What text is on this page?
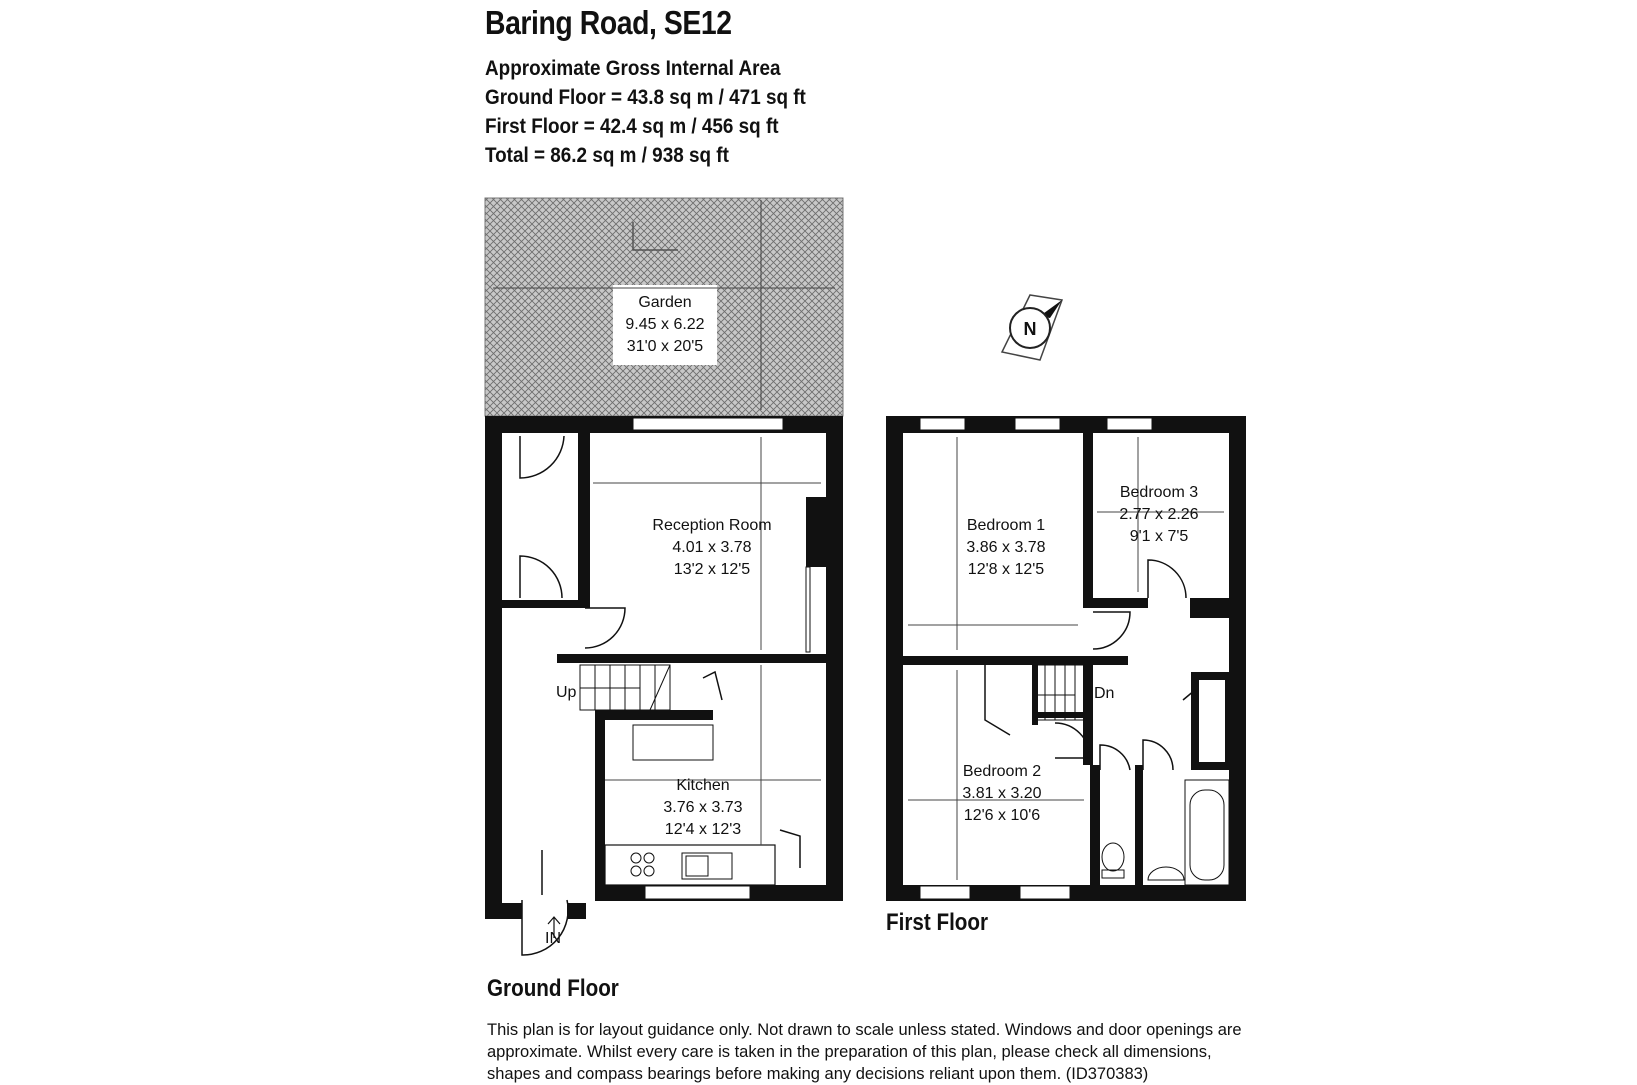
Baring Road, SE12
Approximate Gross Internal Area
Ground Floor = 43.8 sq m / 471 sq ft
First Floor = 42.4 sq m / 456 sq ft
Total = 86.2 sq m / 938 sq ft
Garden
9.45 x 6.22
31'0 x 20'5
N
Reception Room
4.01 x 3.78
13'2 x 12'5
Kitchen
3.76 x 3.73
12'4 x 12'3
Up
IN
Bedroom 1
3.86 x 3.78
12'8 x 12'5
Bedroom 3
2.77 x 2.26
9'1 x 7'5
Bedroom 2
3.81 x 3.20
12'6 x 10'6
Dn
Ground Floor
First Floor
This plan is for layout guidance only. Not drawn to scale unless stated. Windows and door openings are
approximate. Whilst every care is taken in the preparation of this plan, please check all dimensions,
shapes and compass bearings before making any decisions reliant upon them. (ID370383)
